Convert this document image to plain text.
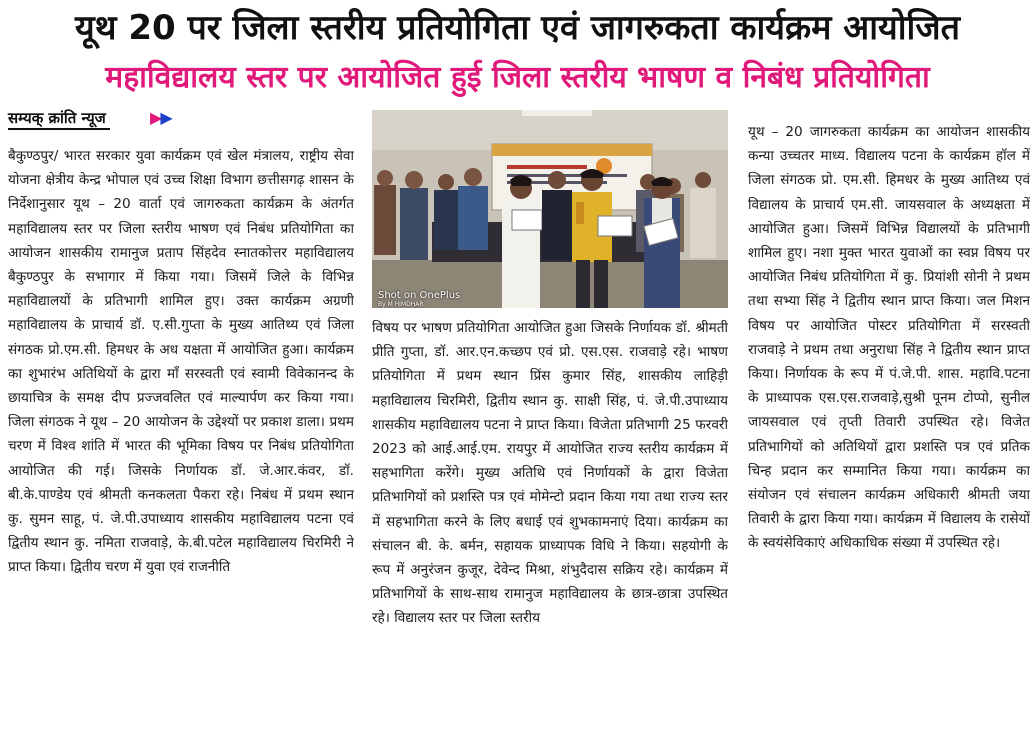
यूथ 20 पर जिला स्तरीय प्रतियोगिता एवं जागरुकता कार्यक्रम आयोजित
महाविद्यालय स्तर पर आयोजित हुई जिला स्तरीय भाषण व निबंध प्रतियोगिता
सम्यक् क्रांति न्यूज	▶▶

बैकुण्ठपुर/ भारत सरकार युवा कार्यक्रम एवं खेल मंत्रालय, राष्ट्रीय सेवा योजना क्षेत्रीय केन्द्र भोपाल एवं उच्च शिक्षा विभाग छत्तीसगढ़ शासन के निर्देशानुसार यूथ – 20 वार्ता एवं जागरुकता कार्यक्रम के अंतर्गत महाविद्यालय स्तर पर जिला स्तरीय भाषण एवं निबंध प्रतियोगिता का आयोजन शासकीय रामानुज प्रताप सिंहदेव स्नातकोत्तर महाविद्यालय बैकुण्ठपुर के सभागार में किया गया। जिसमें जिले के विभिन्न महाविद्यालयों के प्रतिभागी शामिल हुए। उक्त कार्यक्रम अग्रणी महाविद्यालय के प्राचार्य डॉ. ए.सी.गुप्ता के मुख्य आतिथ्य एवं जिला संगठक प्रो.एम.सी. हिमधर के अध यक्षता में आयोजित हुआ। कार्यक्रम का शुभारंभ अतिथियों के द्वारा माँ सरस्वती एवं स्वामी विवेकानन्द के छायाचित्र के समक्ष दीप प्रज्जवलित एवं माल्यार्पण कर किया गया। जिला संगठक ने यूथ – 20 आयोजन के उद्देश्यों पर प्रकाश डाला। प्रथम चरण में विश्व शांति में भारत की भूमिका विषय पर निबंध प्रतियोगिता आयोजित की गई। जिसके निर्णायक डॉ. जे.आर.कंवर, डॉ. बी.के.पाण्डेय एवं श्रीमती कनकलता पैकरा रहे। निबंध में प्रथम स्थान कु. सुमन साहू, पं. जे.पी.उपाध्याय शासकीय महाविद्यालय पटना एवं द्वितीय स्थान कु. नमिता राजवाड़े, के.बी.पटेल महाविद्यालय चिरमिरी ने प्राप्त किया। द्वितीय चरण में युवा एवं राजनीति

Shot on OnePlus
By M HIMDHAR

विषय पर भाषण प्रतियोगिता आयोजित हुआ जिसके निर्णायक डॉ. श्रीमती प्रीति गुप्ता, डॉ. आर.एन.कच्छप एवं प्रो. एस.एस. राजवाड़े रहे। भाषण प्रतियोगिता में प्रथम स्थान प्रिंस कुमार सिंह, शासकीय लाहिड़ी महाविद्यालय चिरमिरी, द्वितीय स्थान कु. साक्षी सिंह, पं. जे.पी.उपाध्याय शासकीय महाविद्यालय पटना ने प्राप्त किया। विजेता प्रतिभागी 25 फरवरी 2023 को आई.आई.एम. रायपुर में आयोजित राज्य स्तरीय कार्यक्रम में सहभागिता करेंगे। मुख्य अतिथि एवं निर्णायकों के द्वारा विजेता प्रतिभागियों को प्रशस्ति पत्र एवं मोमेन्टो प्रदान किया गया तथा राज्य स्तर में सहभागिता करने के लिए बधाई एवं शुभकामनाएं दिया। कार्यक्रम का संचालन बी. के. बर्मन, सहायक प्राध्यापक विधि ने किया। सहयोगी के रूप में अनुरंजन कुजूर, देवेन्द मिश्रा, शंभुदैदास सक्रिय रहे। कार्यक्रम में प्रतिभागियों के साथ-साथ रामानुज महाविद्यालय के छात्र-छात्रा उपस्थित रहे। विद्यालय स्तर पर जिला स्तरीय

यूथ – 20 जागरुकता कार्यक्रम का आयोजन शासकीय कन्या उच्चतर माध्य. विद्यालय पटना के कार्यक्रम हॉल में जिला संगठक प्रो. एम.सी. हिमधर के मुख्य आतिथ्य एवं विद्यालय के प्राचार्य एम.सी. जायसवाल के अध्यक्षता में आयोजित हुआ। जिसमें विभिन्न विद्यालयों के प्रतिभागी शामिल हुए। नशा मुक्त भारत युवाओं का स्वप्न विषय पर आयोजित निबंध प्रतियोगिता में कु. प्रियांशी सोनी ने प्रथम तथा सभ्या सिंह ने द्वितीय स्थान प्राप्त किया। जल मिशन विषय पर आयोजित पोस्टर प्रतियोगिता में सरस्वती राजवाड़े ने प्रथम तथा अनुराधा सिंह ने द्वितीय स्थान प्राप्त किया। निर्णायक के रूप में पं.जे.पी. शास. महावि.पटना के प्राध्यापक एस.एस.राजवाड़े,सुश्री पूनम टोप्पो, सुनील जायसवाल एवं तृप्ती तिवारी उपस्थित रहे। विजेत प्रतिभागियों को अतिथियों द्वारा प्रशस्ति पत्र एवं प्रतिक चिन्ह प्रदान कर सम्मानित किया गया। कार्यक्रम का संयोजन एवं संचालन कार्यक्रम अधिकारी श्रीमती जया तिवारी के द्वारा किया गया। कार्यक्रम में विद्यालय के रासेयों के स्वयंसेविकाएं अधिकाधिक संख्या में उपस्थित रहे।
